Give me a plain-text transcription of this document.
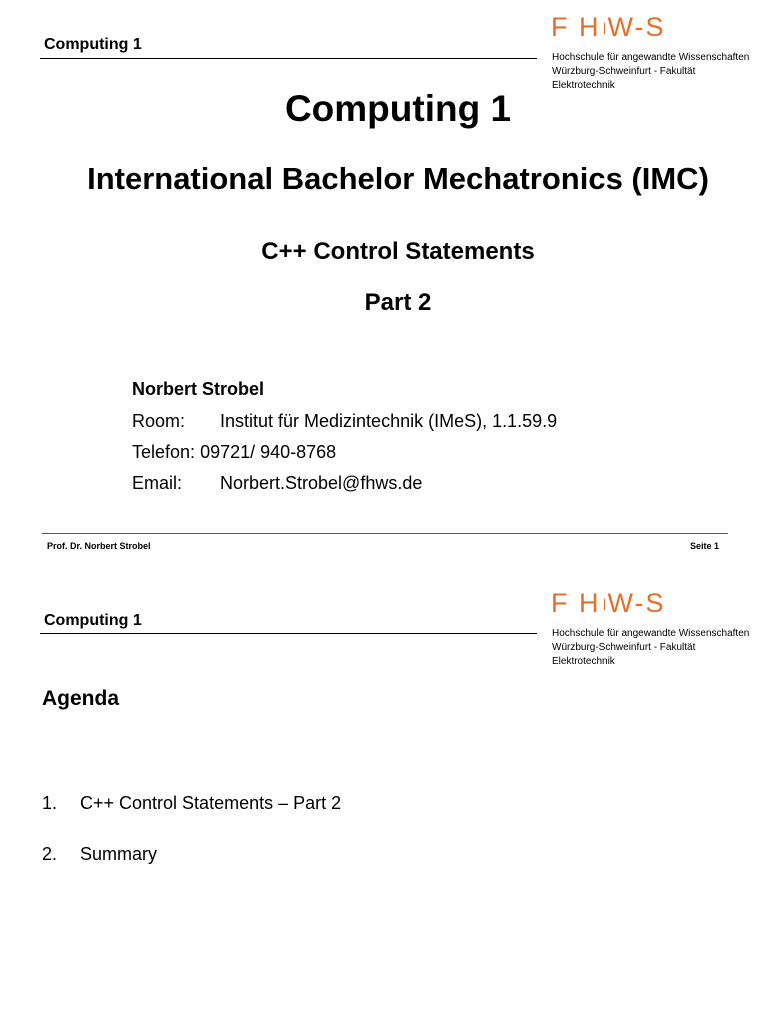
Computing 1
F H W-S
Hochschule für angewandte Wissenschaften
Würzburg-Schweinfurt - Fakultät
Elektrotechnik
Computing 1
International Bachelor Mechatronics (IMC)
C++ Control Statements
Part 2
Norbert Strobel
Room: Institut für Medizintechnik (IMeS), 1.1.59.9
Telefon: 09721/ 940-8768
Email: Norbert.Strobel@fhws.de
Prof. Dr. Norbert Strobel	Seite 1
Computing 1
F H W-S
Hochschule für angewandte Wissenschaften
Würzburg-Schweinfurt - Fakultät
Elektrotechnik
Agenda
1. C++ Control Statements – Part 2
2. Summary
